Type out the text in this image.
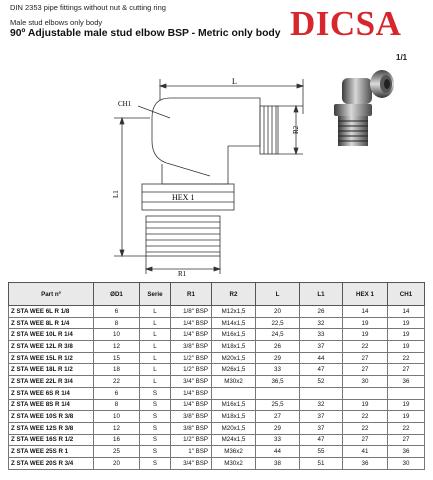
DIN 2353 pipe fittings without nut & cutting ring
Male stud elbows only body
90º Adjustable male stud elbow BSP - Metric only body DICSA
1/1
L
CH1
HEX 1
R2
L1
R1
Part nº	ØD1	Serie	R1	R2	L	L1	HEX 1	CH1
Z STA WEE 6L R 1/8	6	L	1/8" BSP	M12x1,5	20	26	14	14
Z STA WEE 8L R 1/4	8	L	1/4" BSP	M14x1,5	22,5	32	19	19
Z STA WEE 10L R 1/4	10	L	1/4" BSP	M16x1,5	24,5	33	19	19
Z STA WEE 12L R 3/8	12	L	3/8" BSP	M18x1,5	26	37	22	19
Z STA WEE 15L R 1/2	15	L	1/2" BSP	M20x1,5	29	44	27	22
Z STA WEE 18L R 1/2	18	L	1/2" BSP	M26x1,5	33	47	27	27
Z STA WEE 22L R 3/4	22	L	3/4" BSP	M30x2	36,5	52	30	36
Z STA WEE 6S R 1/4	6	S	1/4" BSP					
Z STA WEE 8S R 1/4	8	S	1/4" BSP	M16x1,5	25,5	32	19	19
Z STA WEE 10S R 3/8	10	S	3/8" BSP	M18x1,5	27	37	22	19
Z STA WEE 12S R 3/8	12	S	3/8" BSP	M20x1,5	29	37	22	22
Z STA WEE 16S R 1/2	16	S	1/2" BSP	M24x1,5	33	47	27	27
Z STA WEE 25S R 1	25	S	1" BSP	M36x2	44	55	41	36
Z STA WEE 20S R 3/4	20	S	3/4" BSP	M30x2	38	51	36	30
